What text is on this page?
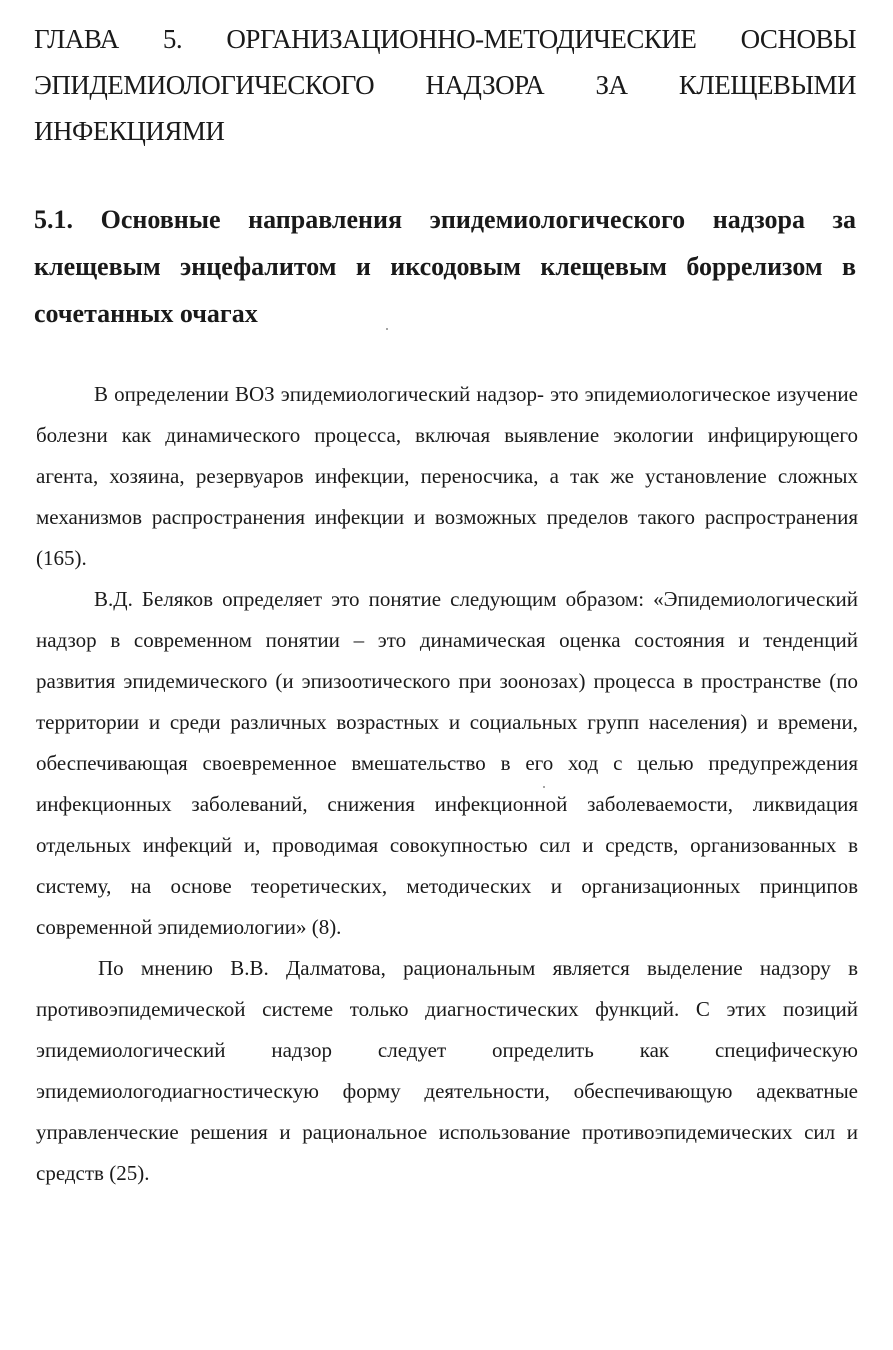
ГЛАВА 5. ОРГАНИЗАЦИОННО-МЕТОДИЧЕСКИЕ ОСНОВЫ ЭПИДЕМИОЛОГИЧЕСКОГО НАДЗОРА ЗА КЛЕЩЕВЫМИ ИНФЕКЦИЯМИ
5.1. Основные направления эпидемиологического надзора за клещевым энцефалитом и иксодовым клещевым боррелизом в сочетанных очагах

В определении ВОЗ эпидемиологический надзор- это эпидемиологическое изучение болезни как динамического процесса, включая выявление экологии инфицирующего агента, хозяина, резервуаров инфекции, переносчика, а так же установление сложных механизмов распространения инфекции и возможных пределов такого распространения (165).

В.Д. Беляков определяет это понятие следующим образом: «Эпидемиологический надзор в современном понятии – это динамическая оценка состояния и тенденций развития эпидемического (и эпизоотического при зоонозах) процесса в пространстве (по территории и среди различных возрастных и социальных групп населения) и времени, обеспечивающая своевременное вмешательство в его ход с целью предупреждения инфекционных заболеваний, снижения инфекционной заболеваемости, ликвидация отдельных инфекций и, проводимая совокупностью сил и средств, организованных в систему, на основе теоретических, методических и организационных принципов современной эпидемиологии» (8).

По мнению В.В. Далматова, рациональным является выделение надзору в противоэпидемической системе только диагностических функций. С этих позиций эпидемиологический надзор следует определить как специфическую эпидемиологодиагностическую форму деятельности, обеспечивающую адекватные управленческие решения и рациональное использование противоэпидемических сил и средств (25).
